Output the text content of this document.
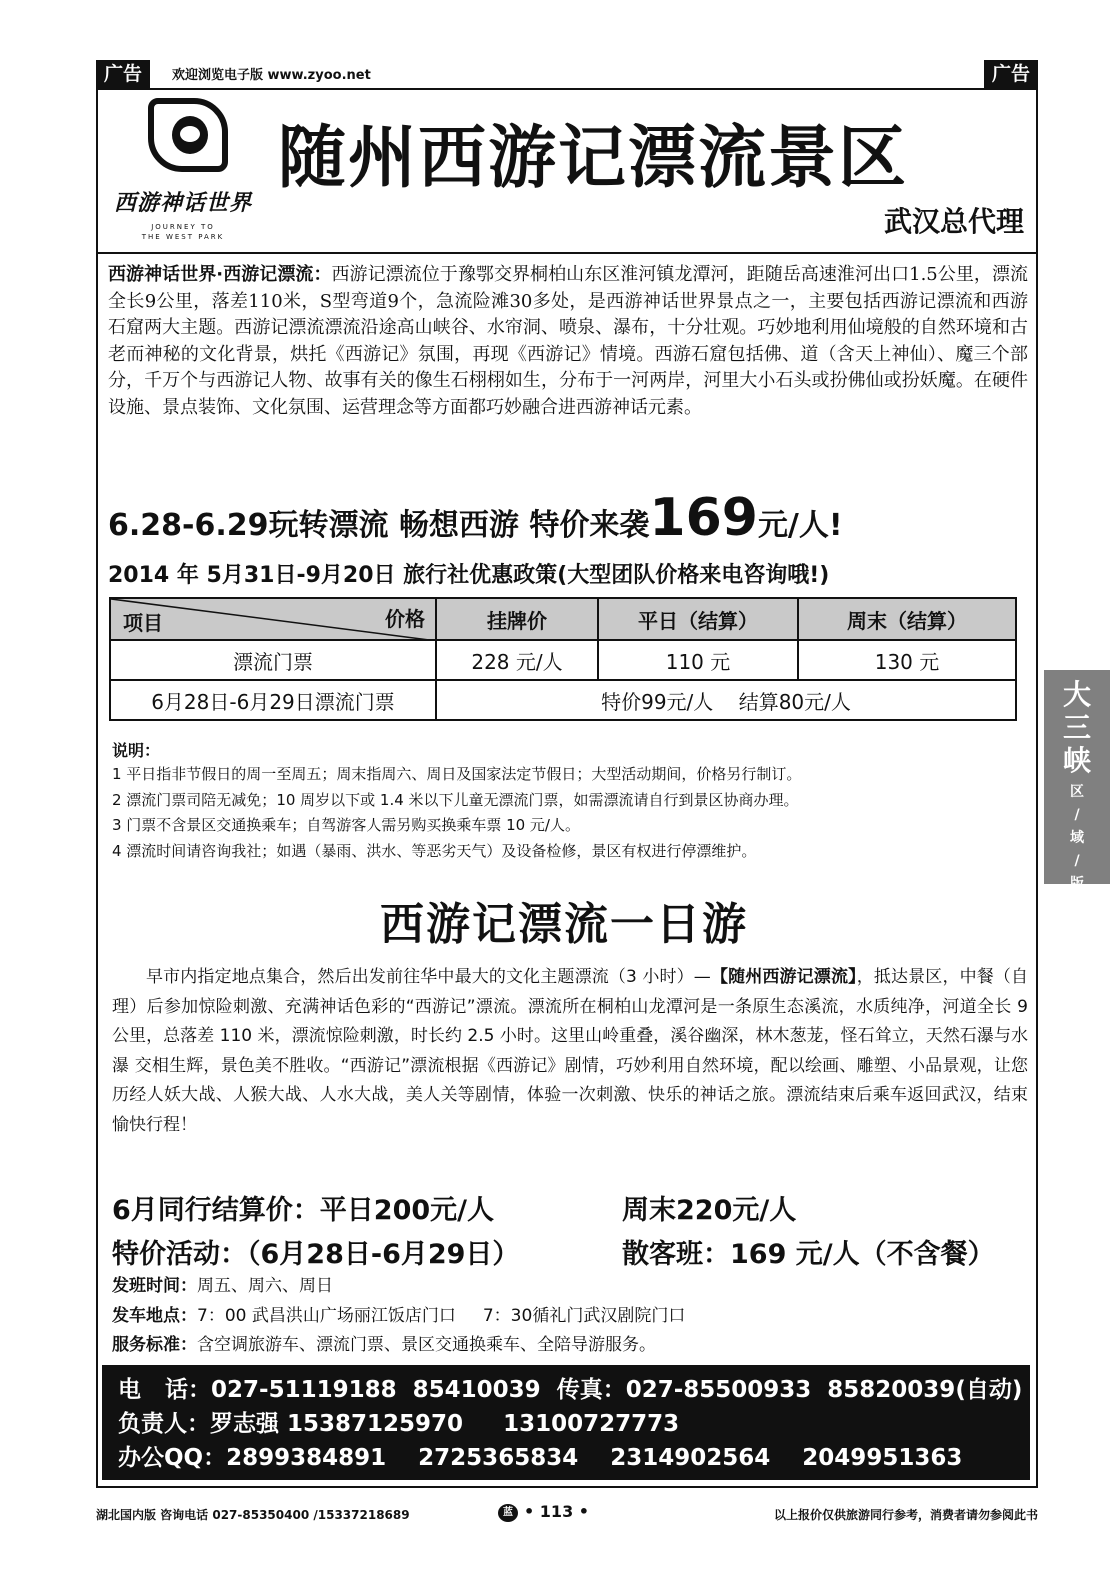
广告	欢迎浏览电子版 www.zyoo.net	广告
西游神话世界
JOURNEY TO
THE WEST PARK
随州西游记漂流景区
武汉总代理
西游神话世界·西游记漂流：西游记漂流位于豫鄂交界桐柏山东区淮河镇龙潭河，距随岳高速淮河出口1.5公里，漂流全长9公里，落差110米，S型弯道9个，急流险滩30多处，是西游神话世界景点之一，主要包括西游记漂流和西游石窟两大主题。西游记漂流漂流沿途高山峡谷、水帘洞、喷泉、瀑布，十分壮观。巧妙地利用仙境般的自然环境和古老而神秘的文化背景，烘托《西游记》氛围，再现《西游记》情境。西游石窟包括佛、道（含天上神仙）、魔三个部分，千万个与西游记人物、故事有关的像生石栩栩如生，分布于一河两岸，河里大小石头或扮佛仙或扮妖魔。在硬件设施、景点装饰、文化氛围、运营理念等方面都巧妙融合进西游神话元素。
6.28-6.29玩转漂流 畅想西游 特价来袭169元/人!
2014 年 5月31日-9月20日 旅行社优惠政策(大型团队价格来电咨询哦!)
项目 价格	挂牌价	平日（结算）	周末（结算）
漂流门票	228 元/人	110 元	130 元
6月28日-6月29日漂流门票	特价99元/人    结算80元/人		
说明：
1 平日指非节假日的周一至周五；周末指周六、周日及国家法定节假日；大型活动期间，价格另行制订。
2 漂流门票司陪无减免；10 周岁以下或 1.4 米以下儿童无漂流门票，如需漂流请自行到景区协商办理。
3 门票不含景区交通换乘车；自驾游客人需另购买换乘车票 10 元/人。
4 漂流时间请咨询我社；如遇（暴雨、洪水、等恶劣天气）及设备检修，景区有权进行停漂维护。
西游记漂流一日游
早市内指定地点集合，然后出发前往华中最大的文化主题漂流（3 小时）—【随州西游记漂流】，抵达景区，中餐（自理）后参加惊险刺激、充满神话色彩的“西游记”漂流。漂流所在桐柏山龙潭河是一条原生态溪流，水质纯净，河道全长 9 公里，总落差 110 米，漂流惊险刺激，时长约 2.5 小时。这里山岭重叠，溪谷幽深，林木葱茏，怪石耸立，天然石瀑与水瀑 交相生辉，景色美不胜收。“西游记”漂流根据《西游记》剧情，巧妙利用自然环境，配以绘画、雕塑、小品景观，让您历经人妖大战、人猴大战、人水大战，美人关等剧情，体验一次刺激、快乐的神话之旅。漂流结束后乘车返回武汉，结束愉快行程！
6月同行结算价：平日200元/人	周末220元/人
特价活动：（6月28日-6月29日）	散客班：169 元/人（不含餐）
发班时间：周五、周六、周日
发车地点：7：00 武昌洪山广场丽江饭店门口     7：30循礼门武汉剧院门口
服务标准：含空调旅游车、漂流门票、景区交通换乘车、全陪导游服务。
电   话：027-51119188  85410039 传真：027-85500933  85820039(自动)
负责人：罗志强 15387125970     13100727773
办公QQ：2899384891    2725365834    2314902564    2049951363
湖北国内版 咨询电话 027-85350400 /15337218689	蓝 • 113 •	以上报价仅供旅游同行参考，消费者请勿参阅此书
大
三
峡
区
/
域
/
版
